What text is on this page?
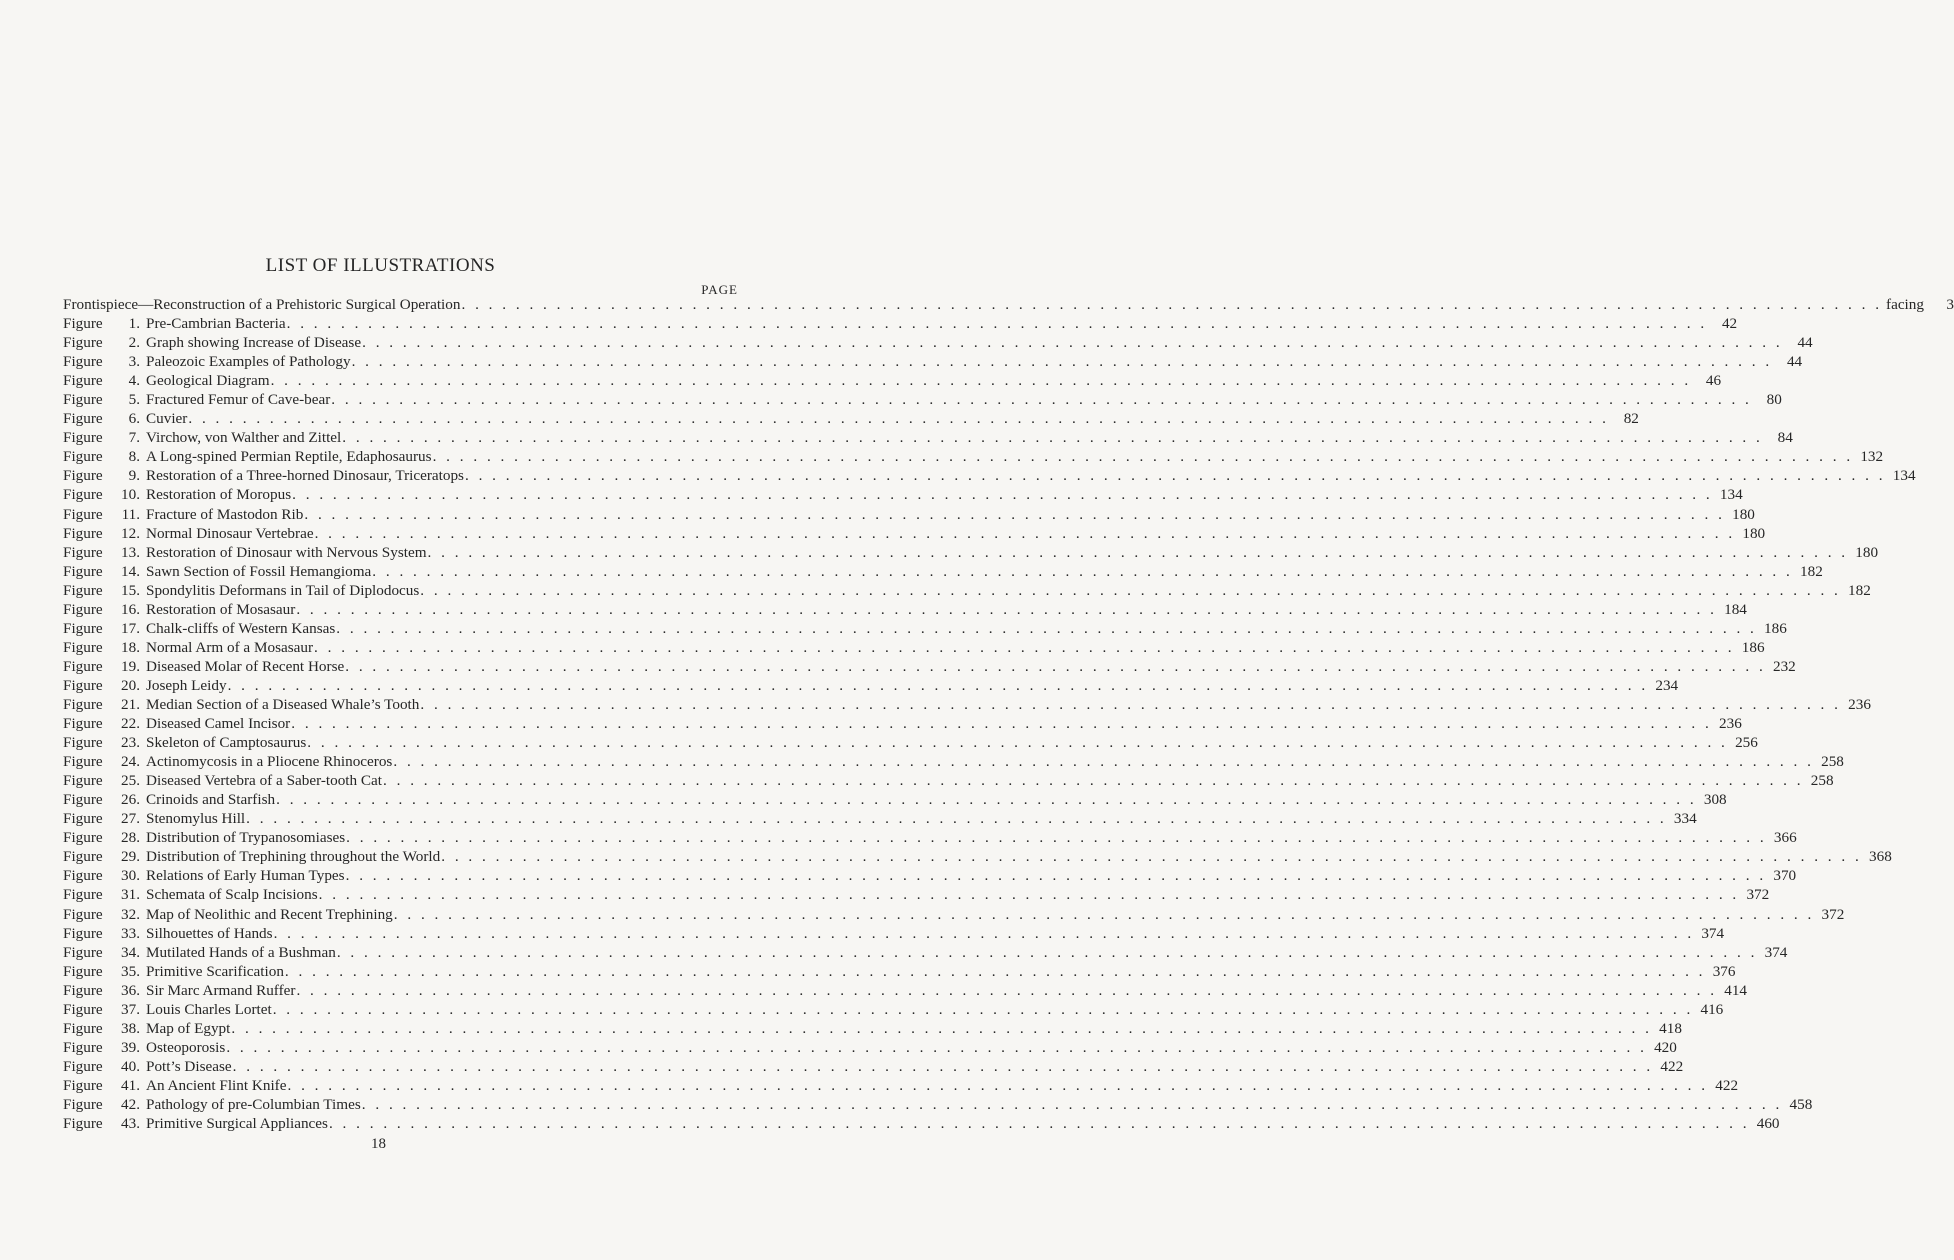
LIST OF ILLUSTRATIONS
PAGE
Frontispiece—Reconstruction of a Prehistoric Surgical Operation . . .	facing	3
Figure	1. Pre-Cambrian Bacteria . . .	42
Figure	2. Graph showing Increase of Disease . . .	44
Figure	3. Paleozoic Examples of Pathology . . .	44
Figure	4. Geological Diagram . . .	46
Figure	5. Fractured Femur of Cave-bear . . .	80
Figure	6. Cuvier . . .	82
Figure	7. Virchow, von Walther and Zittel . . .	84
Figure	8. A Long-spined Permian Reptile, Edaphosaurus . . .	132
Figure	9. Restoration of a Three-horned Dinosaur, Triceratops . . .	134
Figure	10. Restoration of Moropus . . .	134
Figure	11. Fracture of Mastodon Rib . . .	180
Figure	12. Normal Dinosaur Vertebrae . . .	180
Figure	13. Restoration of Dinosaur with Nervous System . . .	180
Figure	14. Sawn Section of Fossil Hemangioma . . .	182
Figure	15. Spondylitis Deformans in Tail of Diplodocus . . .	182
Figure	16. Restoration of Mosasaur . . .	184
Figure	17. Chalk-cliffs of Western Kansas . . .	186
Figure	18. Normal Arm of a Mosasaur . . .	186
Figure	19. Diseased Molar of Recent Horse . . .	232
Figure	20. Joseph Leidy . . .	234
Figure	21. Median Section of a Diseased Whale’s Tooth . . .	236
Figure	22. Diseased Camel Incisor . . .	236
Figure	23. Skeleton of Camptosaurus . . .	256
Figure	24. Actinomycosis in a Pliocene Rhinoceros . . .	258
Figure	25. Diseased Vertebra of a Saber-tooth Cat . . .	258
Figure	26. Crinoids and Starfish . . .	308
Figure	27. Stenomylus Hill . . .	334
Figure	28. Distribution of Trypanosomiases . . .	366
Figure	29. Distribution of Trephining throughout the World . . .	368
Figure	30. Relations of Early Human Types . . .	370
Figure	31. Schemata of Scalp Incisions . . .	372
Figure	32. Map of Neolithic and Recent Trephining . . .	372
Figure	33. Silhouettes of Hands . . .	374
Figure	34. Mutilated Hands of a Bushman . . .	374
Figure	35. Primitive Scarification . . .	376
Figure	36. Sir Marc Armand Ruffer . . .	414
Figure	37. Louis Charles Lortet . . .	416
Figure	38. Map of Egypt . . .	418
Figure	39. Osteoporosis . . .	420
Figure	40. Pott’s Disease . . .	422
Figure	41. An Ancient Flint Knife . . .	422
Figure	42. Pathology of pre-Columbian Times . . .	458
Figure	43. Primitive Surgical Appliances . . .	460
18
